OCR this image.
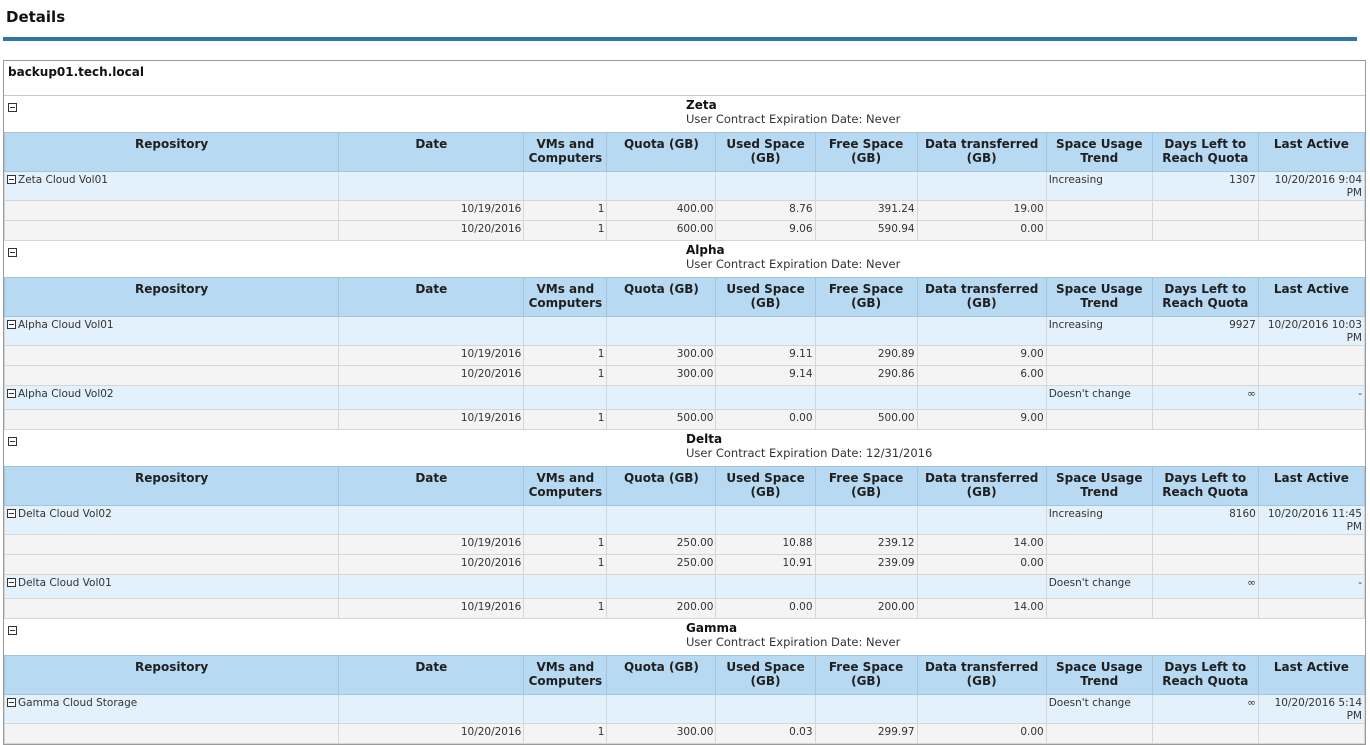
Details
backup01.tech.local
Zeta
User Contract Expiration Date: Never
Repository	Date	VMs and Computers	Quota (GB)	Used Space (GB)	Free Space (GB)	Data transferred (GB)	Space Usage Trend	Days Left to Reach Quota	Last Active
Zeta Cloud Vol01							Increasing	1307	10/20/2016 9:04 PM
	10/19/2016	1	400.00	8.76	391.24	19.00			
	10/20/2016	1	600.00	9.06	590.94	0.00			
Alpha
User Contract Expiration Date: Never
Repository	Date	VMs and Computers	Quota (GB)	Used Space (GB)	Free Space (GB)	Data transferred (GB)	Space Usage Trend	Days Left to Reach Quota	Last Active
Alpha Cloud Vol01							Increasing	9927	10/20/2016 10:03 PM
	10/19/2016	1	300.00	9.11	290.89	9.00			
	10/20/2016	1	300.00	9.14	290.86	6.00			
Alpha Cloud Vol02							Doesn't change	∞	-
	10/19/2016	1	500.00	0.00	500.00	9.00			
Delta
User Contract Expiration Date: 12/31/2016
Repository	Date	VMs and Computers	Quota (GB)	Used Space (GB)	Free Space (GB)	Data transferred (GB)	Space Usage Trend	Days Left to Reach Quota	Last Active
Delta Cloud Vol02							Increasing	8160	10/20/2016 11:45 PM
	10/19/2016	1	250.00	10.88	239.12	14.00			
	10/20/2016	1	250.00	10.91	239.09	0.00			
Delta Cloud Vol01							Doesn't change	∞	-
	10/19/2016	1	200.00	0.00	200.00	14.00			
Gamma
User Contract Expiration Date: Never
Repository	Date	VMs and Computers	Quota (GB)	Used Space (GB)	Free Space (GB)	Data transferred (GB)	Space Usage Trend	Days Left to Reach Quota	Last Active
Gamma Cloud Storage							Doesn't change	∞	10/20/2016 5:14 PM
	10/20/2016	1	300.00	0.03	299.97	0.00			
